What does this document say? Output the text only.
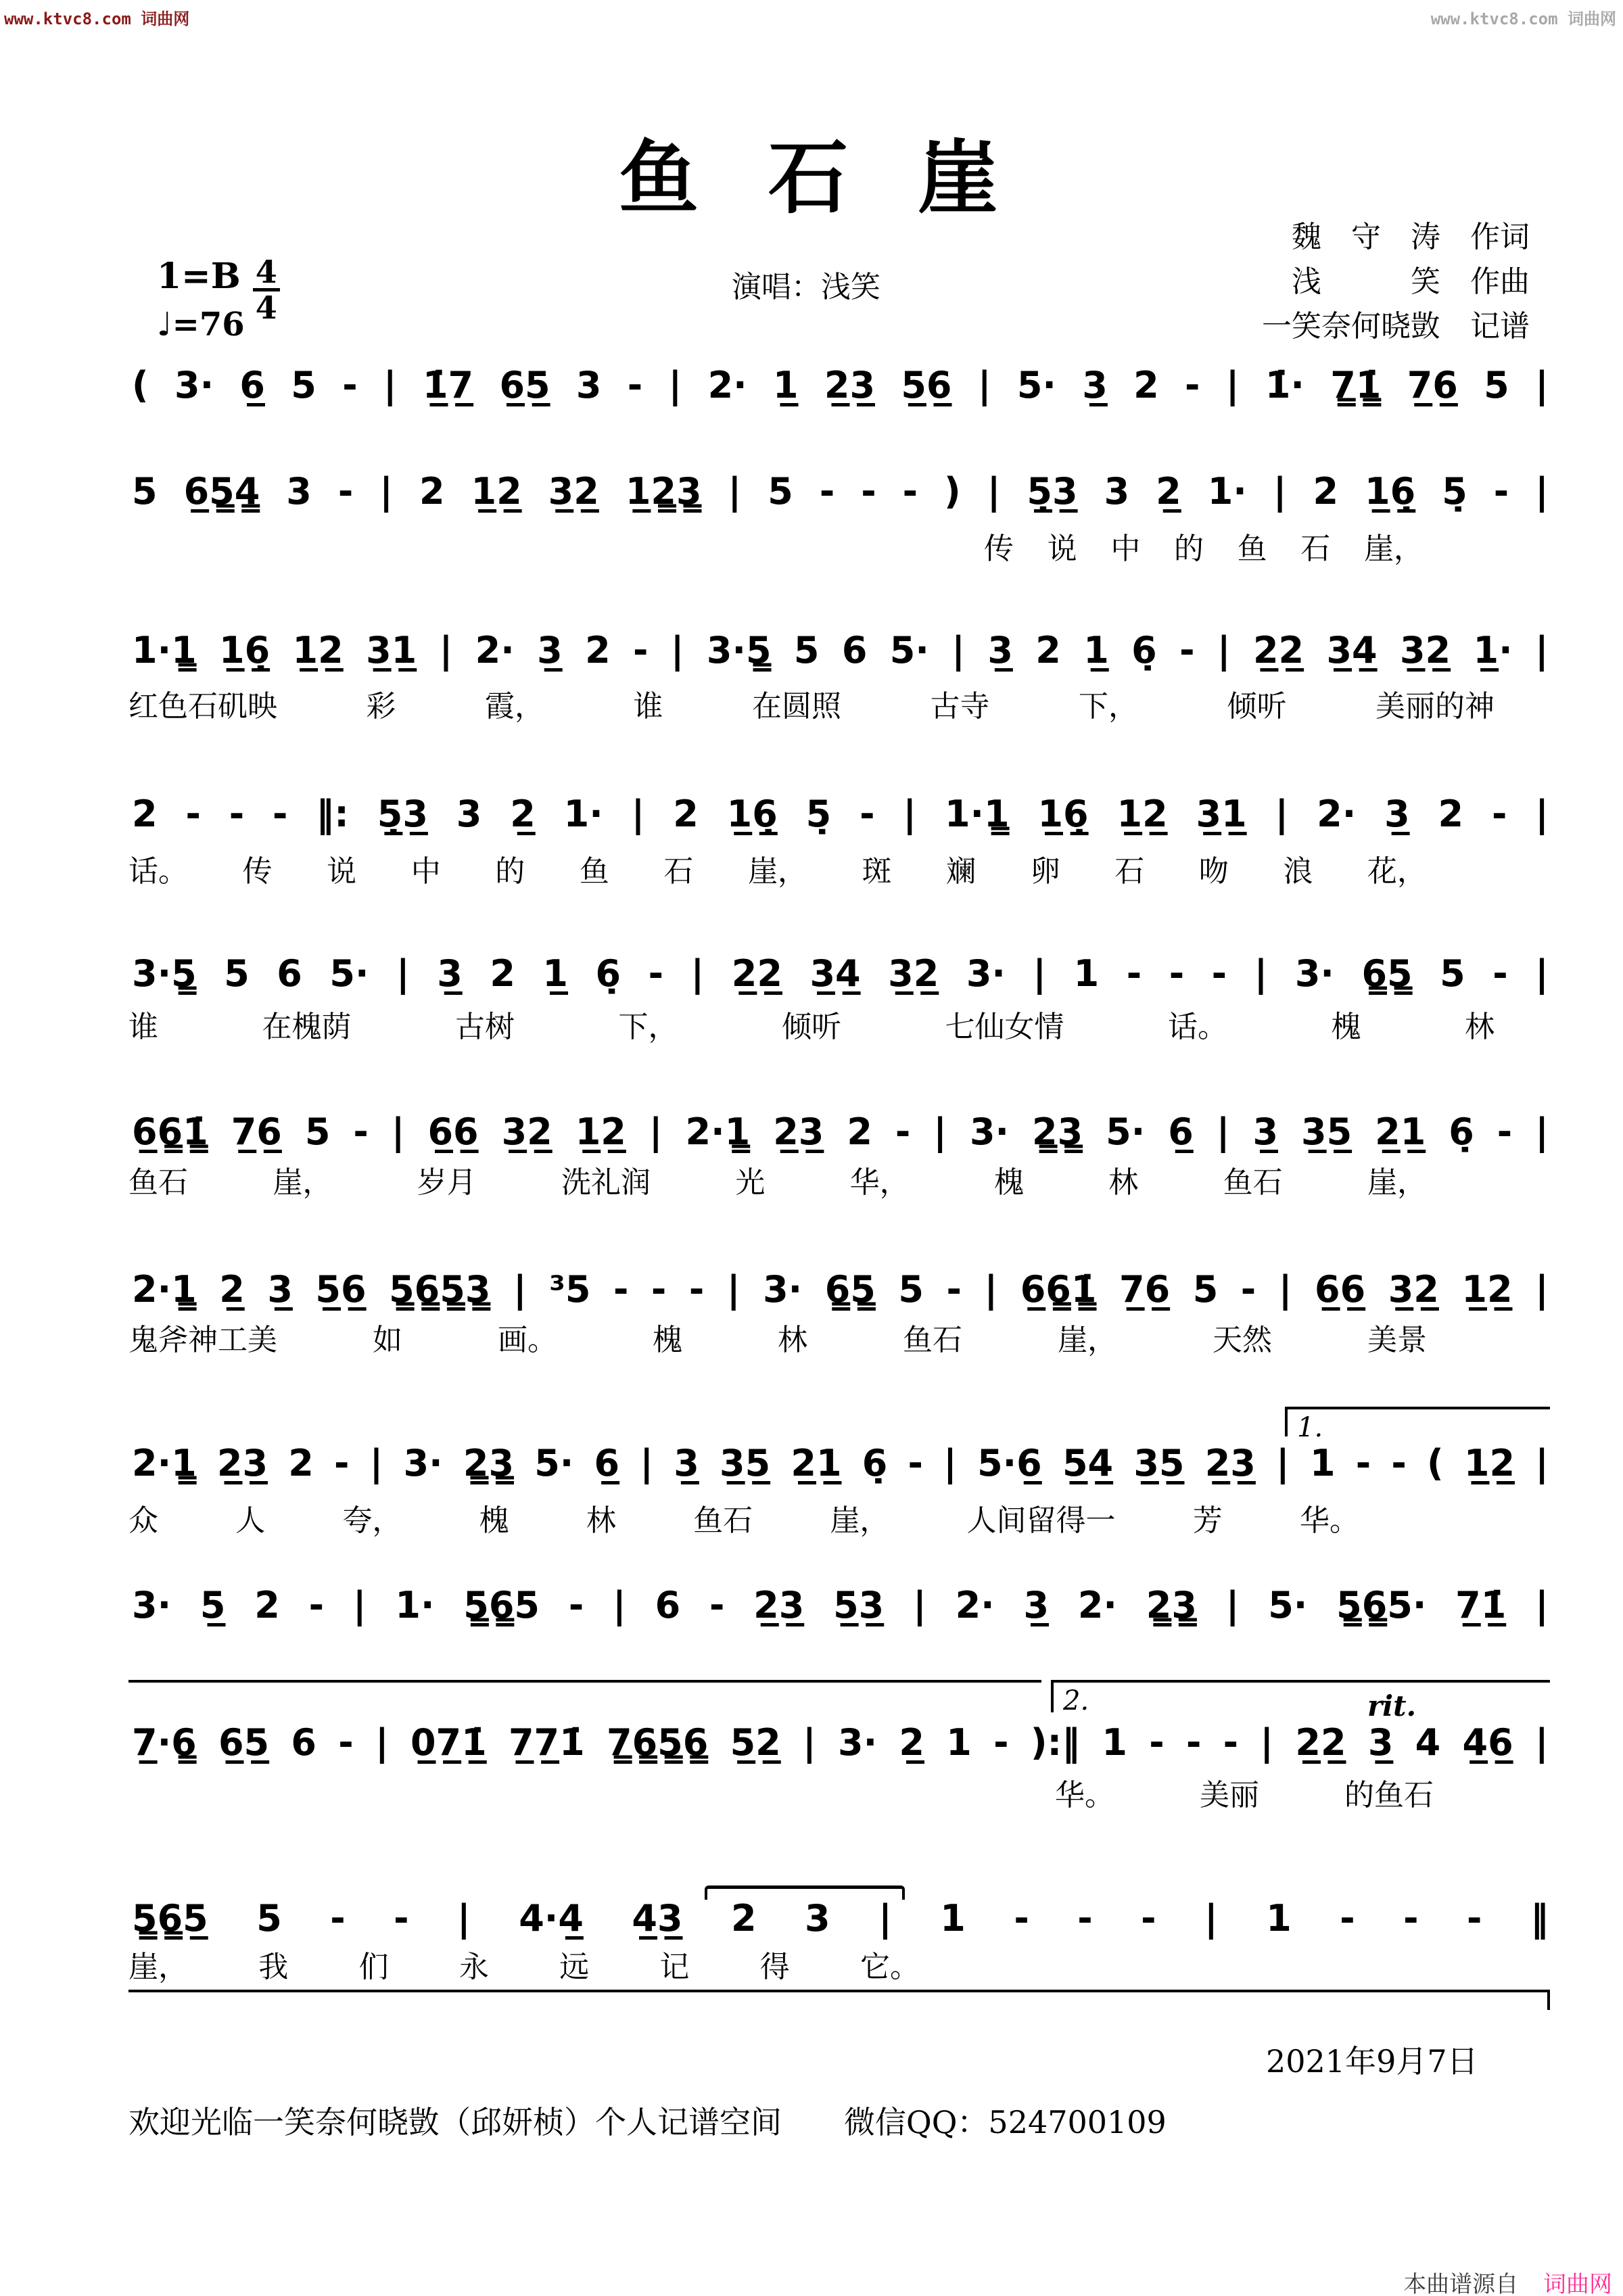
www.ktvc8.com 词曲网	www.ktvc8.com 词曲网
鱼 石 崖
演唱：浅笑
魏　守　涛　作词
浅　　　笑　作曲
一笑奈何晓敳　记谱
$1=B \frac{4}{4}$
♩=76
( 3· 6̲ 5 - | 1̲̇7̲ 6̲5̲ 3 - | 2· 1̲ 2̲3̲ 5̲6̲ | 5· 3̲ 2 - | 1̇· 7̳1̳̇ 7̲6̲ 5 |
5 6̲5̳4̳ 3 - | 2 1̲2̲ 3̲2̲ 1̲2̳3̳ | 5 - - - ) | 5̲̣3̲ 3 2̲ 1· | 2 1̲6̲̣ 5̣ - |
传 说 中 的 鱼 石 崖，
1·1̳ 1̲6̲̣ 1̲2̲ 3̲1̲ | 2· 3̲ 2 - | 3·5̳ 5 6 5· | 3̲ 2 1̲ 6̣ - | 2̲2̲ 3̲4̲ 3̲2̲ 1̲· |
红色石矶映	彩	霞，	谁	在圆照	古寺	下，	倾听	美丽的神
2 - - - ‖: 5̲̣3̲ 3 2̲ 1· | 2 1̲6̲̣ 5̣ - | 1·1̳ 1̲6̲̣ 1̲2̲ 3̲1̲ | 2· 3̲ 2 - |
话。 传 说 中 的 鱼 石 崖， 斑 斓 卵 石 吻 浪 花，
3·5̳ 5 6 5· | 3̲ 2 1̲ 6̣ - | 2̲2̲ 3̲4̲ 3̲2̲ 3· | 1 - - - | 3· 6̳5̳ 5 - |
谁	在槐荫	古树	下，	倾听	七仙女情	话。	槐	林
6̲6̳1̳̇ 7̲6̲ 5 - | 6̲6̲ 3̲2̲ 1̲2̲ | 2·1̳ 2̲3̲ 2 - | 3· 2̳3̳ 5· 6̲ | 3̲ 3̲5̲ 2̲1̲ 6̣ - |
鱼石	崖，	岁月	洗礼润	光	华，	槐	林	鱼石	崖，
2·1̳ 2̲ 3̲ 5̲6̲ 5̳6̳5̳3̳ | ³5 - - - | 3· 6̳5̳ 5 - | 6̲6̳1̳̇ 7̲6̲ 5 - | 6̲6̲ 3̲2̲ 1̲2̲ |
鬼斧神工美	如	画。	槐	林	鱼石	崖，	天然	美景
1.
2·1̳ 2̲3̲ 2 - | 3· 2̳3̳ 5· 6̲ | 3̲ 3̲5̲ 2̲1̲ 6̣ - | 5·6̲ 5̲4̲ 3̲5̲ 2̲3̲ | 1 - - ( 1̲2̲ |
众	人	夸，	槐	林	鱼石	崖，	人间留得一	芳	华。
3· 5̲ 2 - | 1· 5̳6̳5 - | 6 - 2̲3̲ 5̲3̲ | 2· 3̲ 2· 2̳3̳ | 5· 5̳6̳5· 7̲1̲̇ |
2.	rit.
7̲·6̳ 6̲5̲ 6 - | 0̲7̲1̲̇ 7̲7̲1̇ 7̳6̳5̳6̳ 5̲2̲ | 3· 2̲ 1 - ):‖ 1 - - - | 2̲2̲ 3̲ 4 4̲6̲ |
华。	美丽	的鱼石
5̳6̳5̲ 5 - - | 4·4̲ 4̲3̲ 2 3 | 1 - - - | 1 - - - ‖
崖， 我 们 永 远 记 得 它。
2021年9月7日
欢迎光临一笑奈何晓敳（邱妍桢）个人记谱空间　　微信QQ：524700109
本曲谱源自 词曲网
